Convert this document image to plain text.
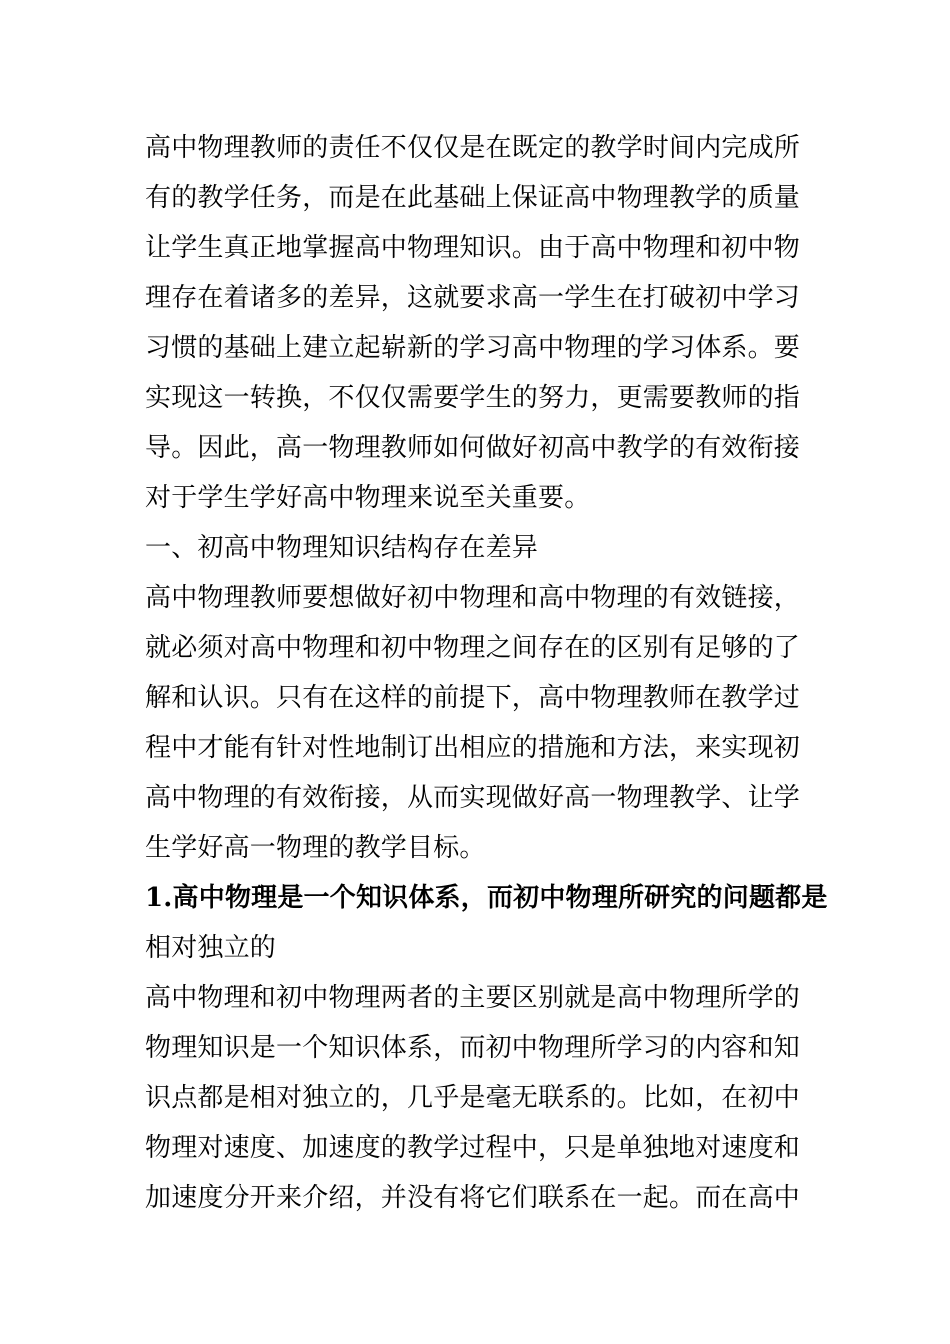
高中物理教师的责任不仅仅是在既定的教学时间内完成所
有的教学任务，而是在此基础上保证高中物理教学的质量
让学生真正地掌握高中物理知识。由于高中物理和初中物
理存在着诸多的差异，这就要求高一学生在打破初中学习
习惯的基础上建立起崭新的学习高中物理的学习体系。要
实现这一转换，不仅仅需要学生的努力，更需要教师的指
导。因此，高一物理教师如何做好初高中教学的有效衔接
对于学生学好高中物理来说至关重要。
一、初高中物理知识结构存在差异
高中物理教师要想做好初中物理和高中物理的有效链接，
就必须对高中物理和初中物理之间存在的区别有足够的了
解和认识。只有在这样的前提下，高中物理教师在教学过
程中才能有针对性地制订出相应的措施和方法，来实现初
高中物理的有效衔接，从而实现做好高一物理教学、让学
生学好高一物理的教学目标。
1.高中物理是一个知识体系，而初中物理所研究的问题都是
相对独立的
高中物理和初中物理两者的主要区别就是高中物理所学的
物理知识是一个知识体系，而初中物理所学习的内容和知
识点都是相对独立的，几乎是毫无联系的。比如，在初中
物理对速度、加速度的教学过程中，只是单独地对速度和
加速度分开来介绍，并没有将它们联系在一起。而在高中
